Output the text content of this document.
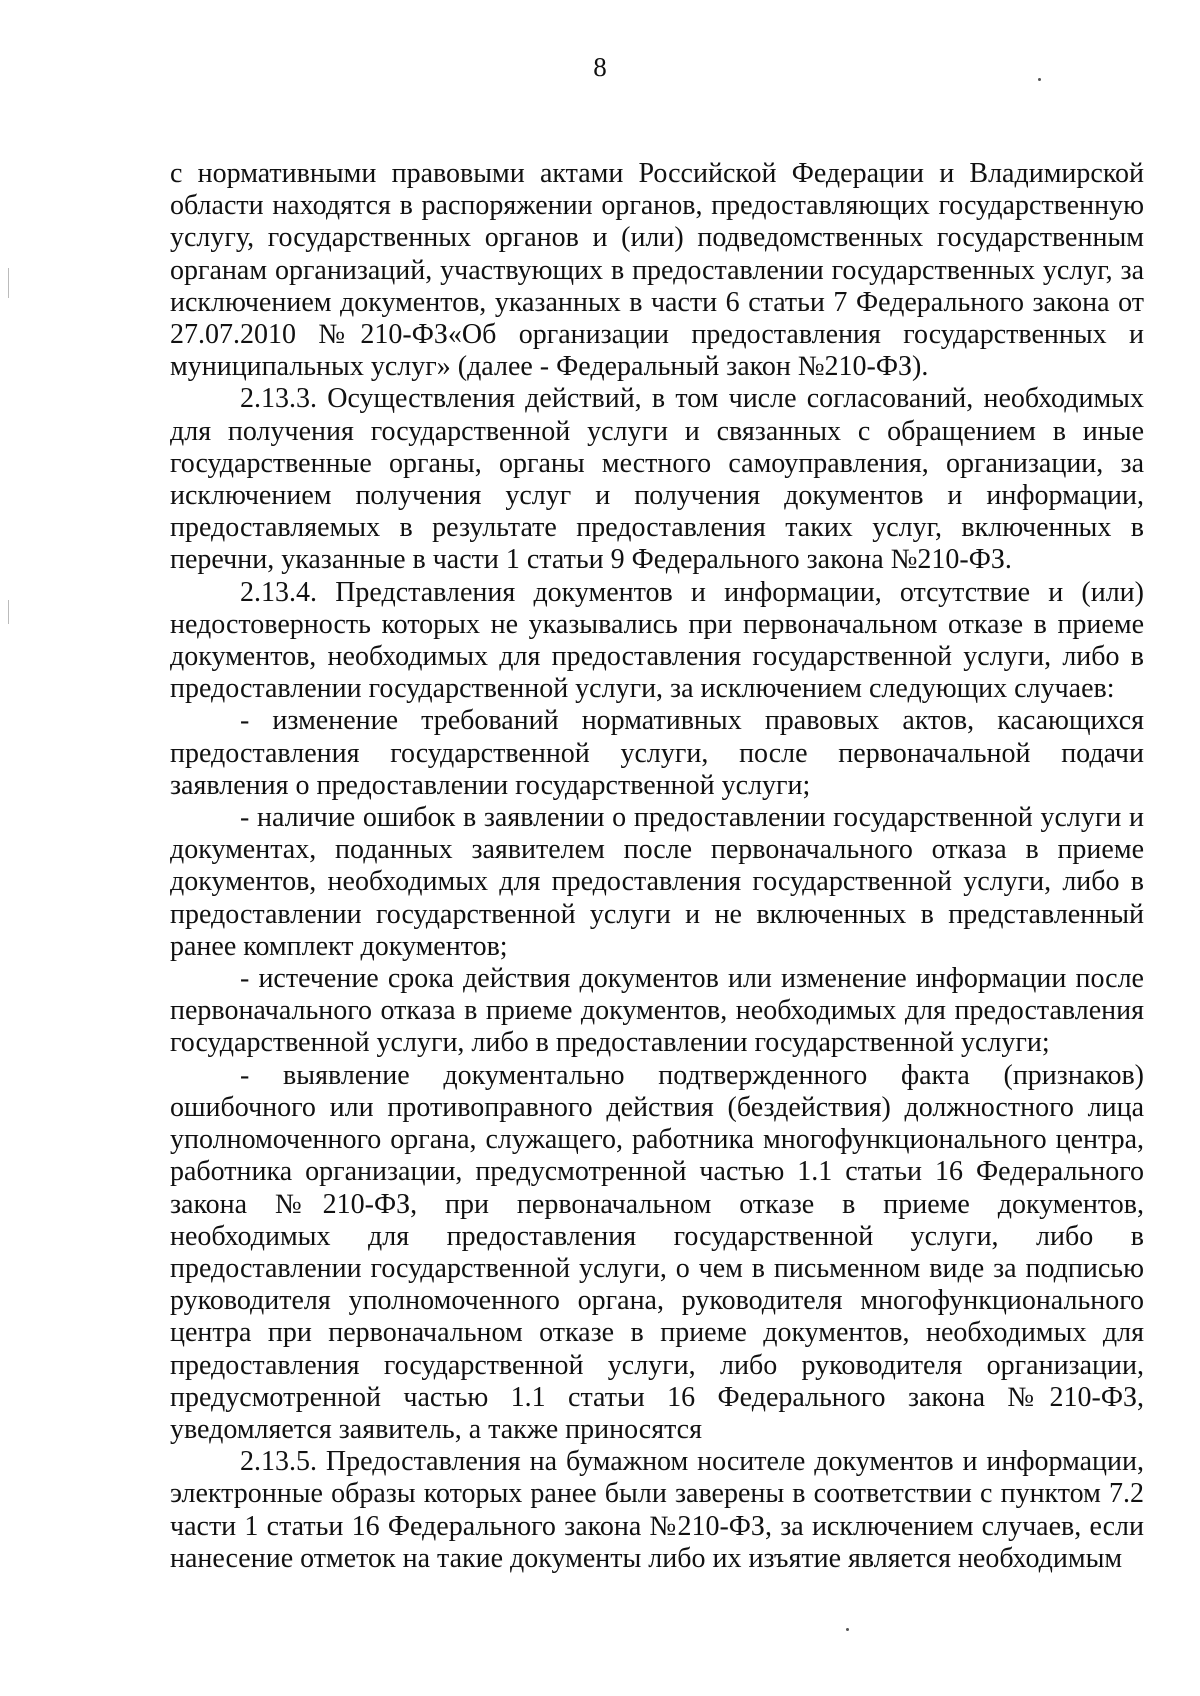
8

с нормативными правовыми актами Российской Федерации и Владимирской области находятся в распоряжении органов, предоставляющих государственную услугу, государственных органов и (или) подведомственных государственным органам организаций, участвующих в предоставлении государственных услуг, за исключением документов, указанных в части 6 статьи 7 Федерального закона от 27.07.2010 №210-ФЗ«Об организации предоставления государственных и муниципальных услуг» (далее - Федеральный закон №210-ФЗ).

2.13.3. Осуществления действий, в том числе согласований, необходимых для получения государственной услуги и связанных с обращением в иные государственные органы, органы местного самоуправления, организации, за исключением получения услуг и получения документов и информации, предоставляемых в результате предоставления таких услуг, включенных в перечни, указанные в части 1 статьи 9 Федерального закона №210-ФЗ.

2.13.4. Представления документов и информации, отсутствие и (или) недостоверность которых не указывались при первоначальном отказе в приеме документов, необходимых для предоставления государственной услуги, либо в предоставлении государственной услуги, за исключением следующих случаев:

- изменение требований нормативных правовых актов, касающихся предоставления государственной услуги, после первоначальной подачи заявления о предоставлении государственной услуги;

- наличие ошибок в заявлении о предоставлении государственной услуги и документах, поданных заявителем после первоначального отказа в приеме документов, необходимых для предоставления государственной услуги, либо в предоставлении государственной услуги и не включенных в представленный ранее комплект документов;

- истечение срока действия документов или изменение информации после первоначального отказа в приеме документов, необходимых для предоставления государственной услуги, либо в предоставлении государственной услуги;

- выявление документально подтвержденного факта (признаков) ошибочного или противоправного действия (бездействия) должностного лица уполномоченного органа, служащего, работника многофункционального центра, работника организации, предусмотренной частью 1.1 статьи 16 Федерального закона №210-ФЗ, при первоначальном отказе в приеме документов, необходимых для предоставления государственной услуги, либо в предоставлении государственной услуги, о чем в письменном виде за подписью руководителя уполномоченного органа, руководителя многофункционального центра при первоначальном отказе в приеме документов, необходимых для предоставления государственной услуги, либо руководителя организации, предусмотренной частью 1.1 статьи 16 Федерального закона №210-ФЗ, уведомляется заявитель, а также приносятся

2.13.5. Предоставления на бумажном носителе документов и информации, электронные образы которых ранее были заверены в соответствии с пунктом 7.2 части 1 статьи 16 Федерального закона №210-ФЗ, за исключением случаев, если нанесение отметок на такие документы либо их изъятие является необходимым
